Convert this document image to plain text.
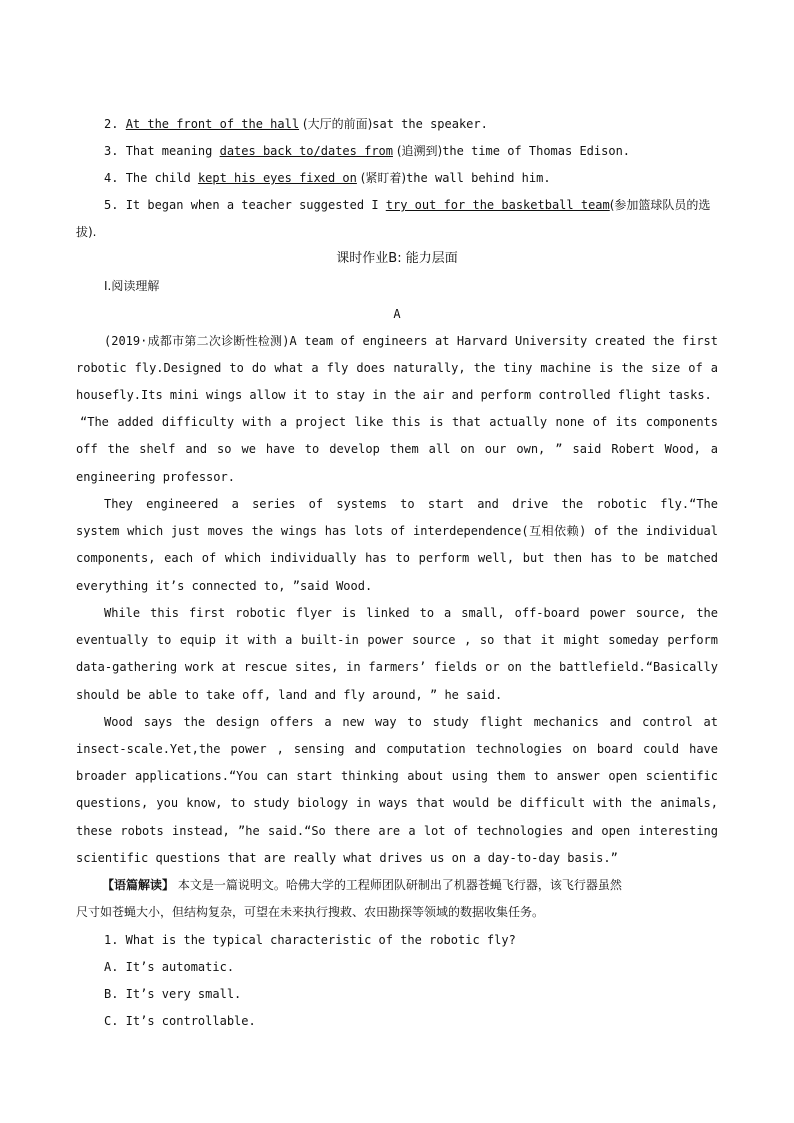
2. At the front of the hall (大厅的前面)sat the speaker.
3. That meaning dates back to/dates from (追溯到)the time of Thomas Edison.
4. The child kept his eyes fixed on (紧盯着)the wall behind him.
5. It began when a teacher suggested I try out for the basketball team(参加篮球队员的选
拔).
课时作业B: 能力层面
Ⅰ.阅读理解
A
(2019·成都市第二次诊断性检测)A team of engineers at Harvard University created the first
robotic fly.Designed to do what a fly does naturally, the tiny machine is the size of a
housefly.Its mini wings allow it to stay in the air and perform controlled flight tasks.
“The added difficulty with a project like this is that actually none of its components
off the shelf and so we have to develop them all on our own, ” said Robert Wood, a
engineering professor.
They engineered a series of systems to start and drive the robotic fly.“The
system which just moves the wings has lots of interdependence(互相依赖) of the individual
components, each of which individually has to perform well, but then has to be matched
everything it’s connected to, ”said Wood.
While this first robotic flyer is linked to a small, off-board power source, the
eventually to equip it with a built-in power source , so that it might someday perform
data-gathering work at rescue sites, in farmers’ fields or on the battlefield.“Basically
should be able to take off, land and fly around, ” he said.
Wood says the design offers a new way to study flight mechanics and control at
insect-scale.Yet,the power , sensing and computation technologies on board could have
broader applications.“You can start thinking about using them to answer open scientific
questions, you know, to study biology in ways that would be difficult with the animals,
these robots instead, ”he said.“So there are a lot of technologies and open interesting
scientific questions that are really what drives us on a day-to-day basis.”
【语篇解读】 本文是一篇说明文。哈佛大学的工程师团队研制出了机器苍蝇飞行器，该飞行器虽然
尺寸如苍蝇大小，但结构复杂，可望在未来执行搜救、农田勘探等领域的数据收集任务。
1. What is the typical characteristic of the robotic fly?
A. It’s automatic.
B. It’s very small.
C. It’s controllable.
